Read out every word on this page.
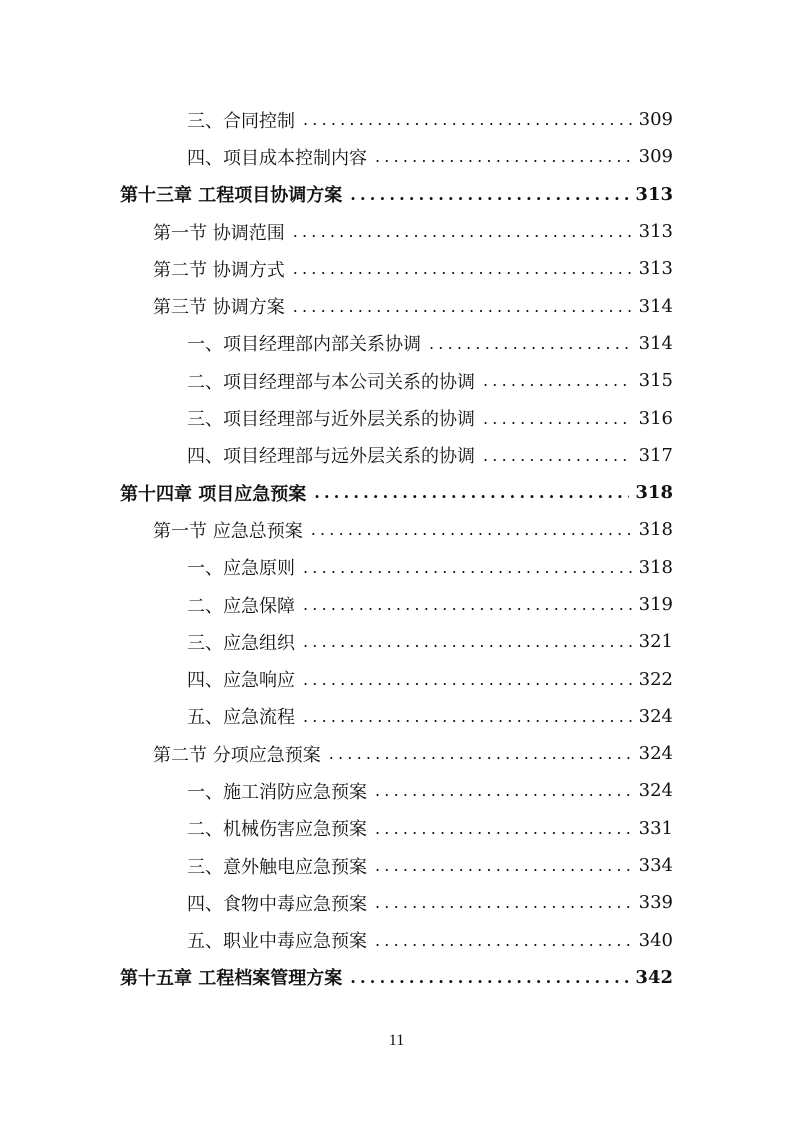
三、合同控制 .....	309
四、项目成本控制内容 .....	309
第十三章 工程项目协调方案 .....	313
第一节 协调范围 .....	313
第二节 协调方式 .....	313
第三节 协调方案 .....	314
一、项目经理部内部关系协调 .....	314
二、项目经理部与本公司关系的协调 .....	315
三、项目经理部与近外层关系的协调 .....	316
四、项目经理部与远外层关系的协调 .....	317
第十四章 项目应急预案 .....	318
第一节 应急总预案 .....	318
一、应急原则 .....	318
二、应急保障 .....	319
三、应急组织 .....	321
四、应急响应 .....	322
五、应急流程 .....	324
第二节 分项应急预案 .....	324
一、施工消防应急预案 .....	324
二、机械伤害应急预案 .....	331
三、意外触电应急预案 .....	334
四、食物中毒应急预案 .....	339
五、职业中毒应急预案 .....	340
第十五章 工程档案管理方案 .....	342
11
